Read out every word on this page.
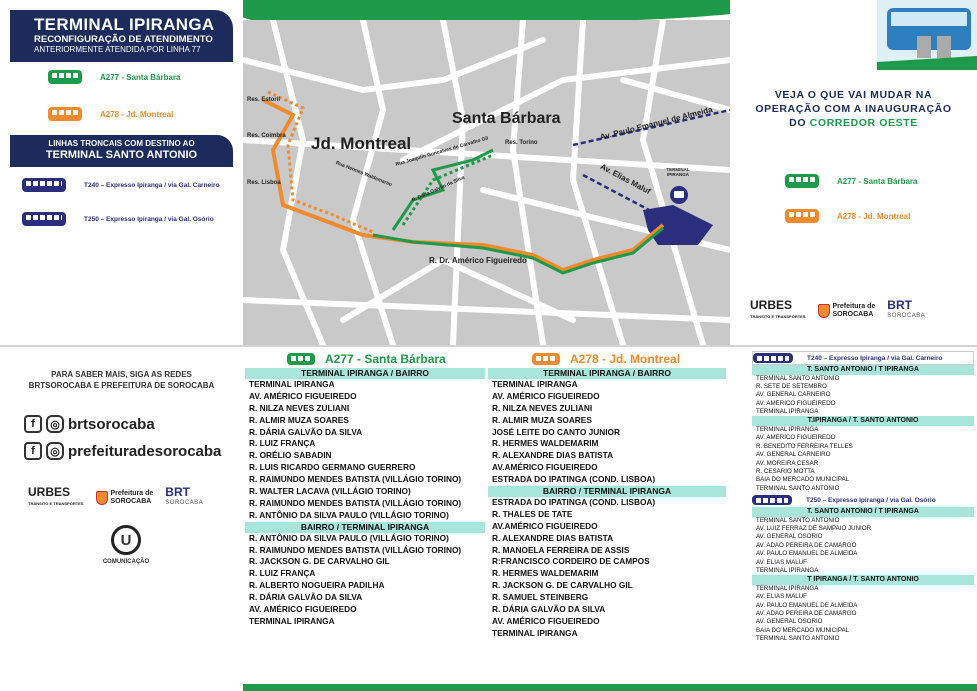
TERMINAL IPIRANGA
RECONFIGURAÇÃO DE ATENDIMENTO
ANTERIORMENTE ATENDIDA POR LINHA 77
A277 - Santa Bárbara
A278 - Jd. Montreal
LINHAS TRONCAIS COM DESTINO AO
TERMINAL SANTO ANTONIO
T240 – Expresso Ipiranga / via Gal. Carneiro
T250 – Expresso Ipiranga / via Gal. Osório
Jd. Montreal
Santa Bárbara
Res. Estoril
Res. Coimbra
Res. Lisboa
Res. Torino
Av. Paulo Emanuel de Almeida
Av. Elias Maluf
R. Dr. Américo Figueiredo
Rua Hermes Waldemarim
Rua Joaquim Gonçalves de Carvalho Gil
R. Dária Galvão da Silva
TERMINAL IPIRANGA
VEJA O QUE VAI MUDAR NA
OPERAÇÃO COM A INAUGURAÇÃO
DO CORREDOR OESTE
A277 - Santa Bárbara
A278 - Jd. Montreal
URBES
TRÂNSITO E TRANSPORTES
Prefeitura de
SOROCABA
BRT
SOROCABA
PARA SABER MAIS, SIGA AS REDES
BRTSOROCABA E PREFEITURA DE SOROCABA
f	◎ brtsorocaba
f	◎ prefeituradesorocaba
URBES
TRÂNSITO E TRANSPORTES
Prefeitura de
SOROCABA
BRT
SOROCABA
U
COMUNICAÇÃO
A277 - Santa Bárbara
TERMINAL IPIRANGA / BAIRRO
TERMINAL IPIRANGA
AV. AMÉRICO FIGUEIREDO
R. NILZA NEVES ZULIANI
R. ALMIR MUZA SOARES
R. DÁRIA GALVÃO DA SILVA
R. LUIZ FRANÇA
R. ORÉLIO SABADIN
R. LUIS RICARDO GERMANO GUERRERO
R. RAIMUNDO MENDES BATISTA (VILLÁGIO TORINO)
R. WALTER LACAVA (VILLÁGIO TORINO)
R. RAIMUNDO MENDES BATISTA (VILLÁGIO TORINO)
R. ANTÔNIO DA SILVA PAULO (VILLÁGIO TORINO)
BAIRRO / TERMINAL IPIRANGA
R. ANTÔNIO DA SILVA PAULO (VILLÁGIO TORINO)
R. RAIMUNDO MENDES BATISTA (VILLÁGIO TORINO)
R. JACKSON G. DE CARVALHO GIL
R. LUIZ FRANÇA
R. ALBERTO NOGUEIRA PADILHA
R. DÁRIA GALVÃO DA SILVA
AV. AMÉRICO FIGUEIREDO
TERMINAL IPIRANGA
A278 - Jd. Montreal
TERMINAL IPIRANGA / BAIRRO
TERMINAL IPIRANGA
AV. AMÉRICO FIGUEIREDO
R. NILZA NEVES ZULIANI
R. ALMIR MUZA SOARES
JOSÉ LEITE DO CANTO JUNIOR
R. HERMES WALDEMARIM
R. ALEXANDRE DIAS BATISTA
AV.AMÉRICO FIGUEIREDO
ESTRADA DO IPATINGA (COND. LISBOA)
BAIRRO / TERMINAL IPIRANGA
ESTRADA DO IPATINGA (COND. LISBOA)
R. THALES DE TATE
AV.AMÉRICO FIGUEIREDO
R. ALEXANDRE DIAS BATISTA
R. MANOELA FERREIRA DE ASSIS
R:FRANCISCO CORDEIRO DE CAMPOS
R. HERMES WALDEMARIM
R. JACKSON G. DE CARVALHO GIL
R. SAMUEL STEINBERG
R. DÁRIA GALVÃO DA SILVA
AV. AMÉRICO FIGUEIREDO
TERMINAL IPIRANGA
T240 – Expresso Ipiranga / via Gal. Carneiro
T. SANTO ANTONIO / T IPIRANGA
TERMINAL SANTO ANTONIO
R. SETE DE SETEMBRO
AV. GENERAL CARNEIRO
AV. AMÉRICO FIGUEIREDO
TERMINAL IPIRANGA
T.IPIRANGA / T. SANTO ANTONIO
TERMINAL IPIRANGA
AV. AMÉRICO FIGUEIREDO
R. BENEDITO FERREIRA TELLES
AV. GENERAL CARNEIRO
AV. MOREIRA CESAR
R. CESÁRIO MOTTA
BAIA DO MERCADO MUNICIPAL
TERMINAL SANTO ANTONIO
T250 – Expresso Ipiranga / via Gal. Osório
T. SANTO ANTONIO / T IPIRANGA
TERMINAL SANTO ANTONIO
AV. LUIZ FERRAZ DE SAMPAIO JUNIOR
AV. GENERAL OSORIO
AV. ADÃO PEREIRA DE CAMARGO
AV. PAULO EMANUEL DE ALMEIDA
AV. ELIAS MALUF
TERMINAL IPIRANGA
T IPIRANGA / T. SANTO ANTONIO
TERMINAL IPIRANGA
AV. ELIAS MALUF
AV. PAULO EMANUEL DE ALMEIDA
AV. ADÃO PEREIRA DE CAMARGO
AV. GENERAL OSORIO
BAIA DO MERCADO MUNICIPAL
TERMINAL SANTO ANTONIO
